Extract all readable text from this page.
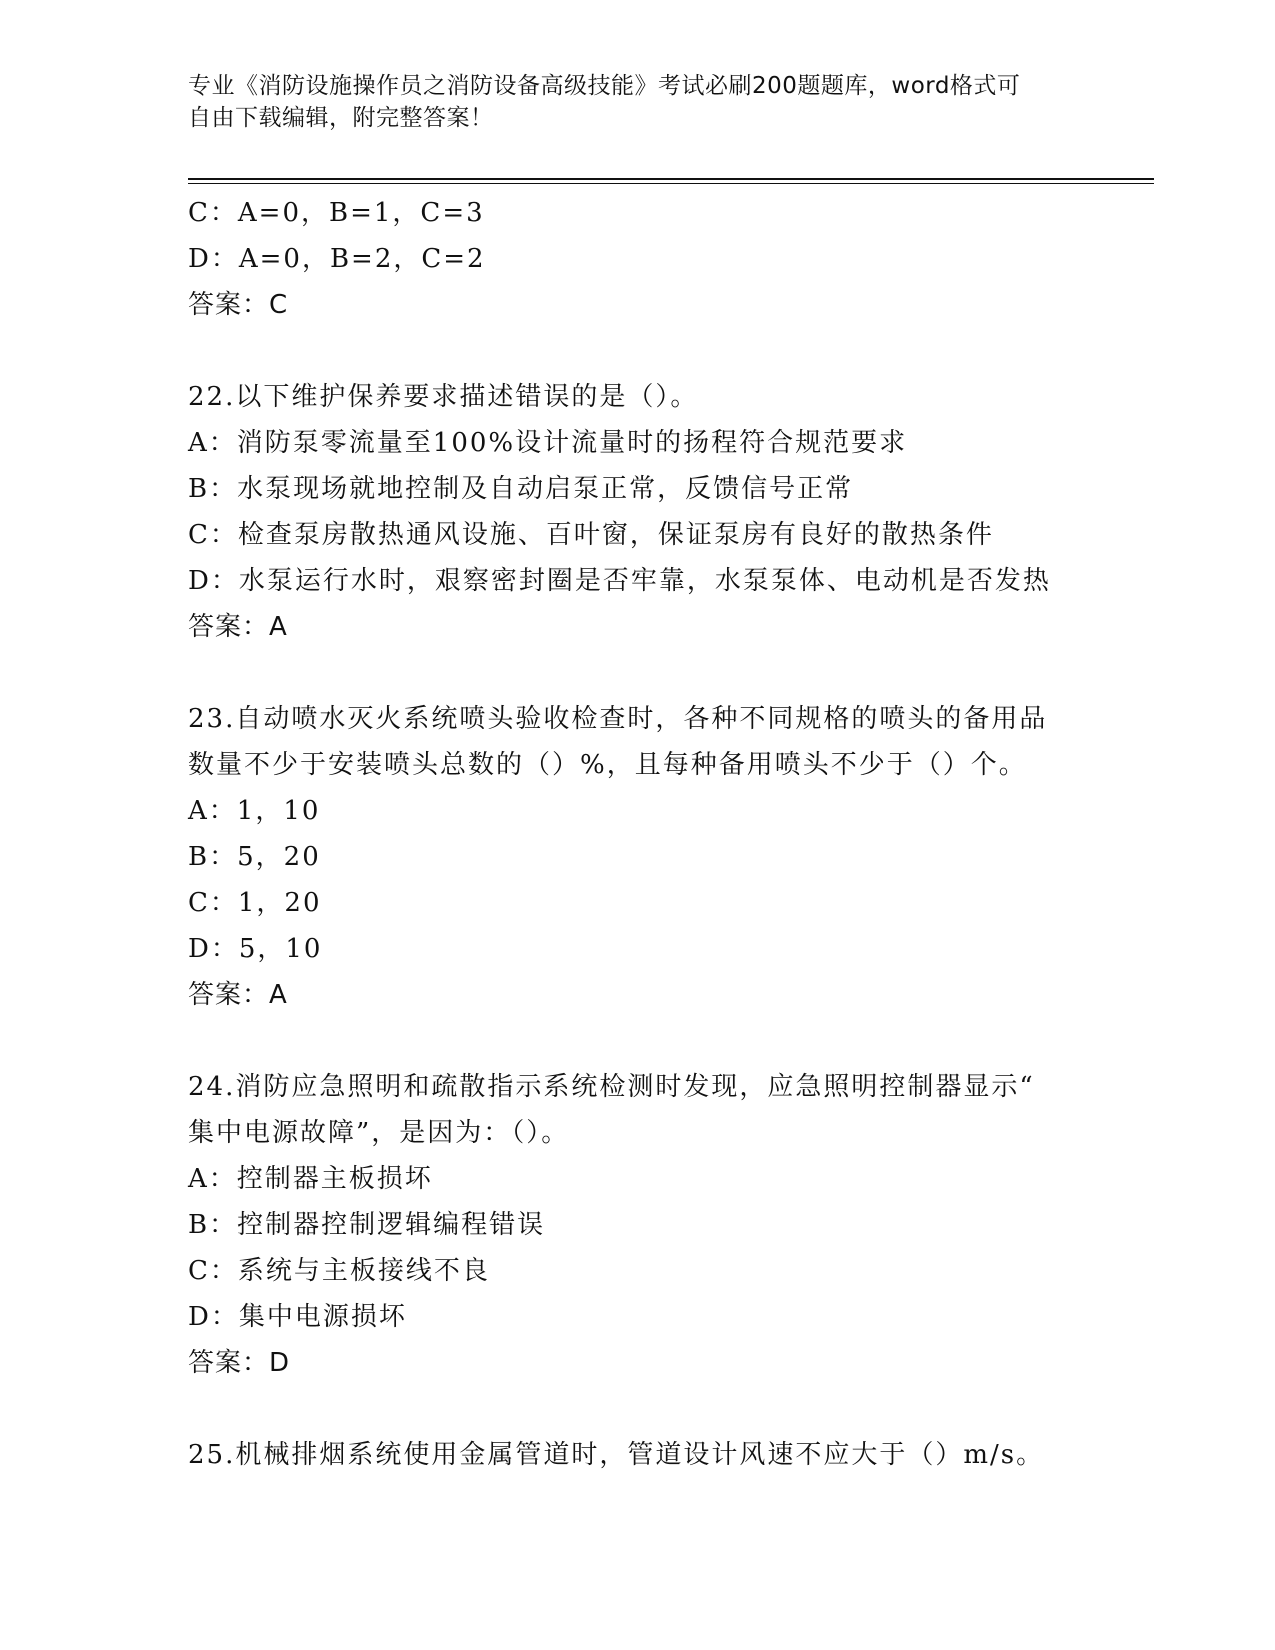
专业《消防设施操作员之消防设备高级技能》考试必刷200题题库，word格式可
自由下载编辑，附完整答案！
C：A=0，B=1，C=3
D：A=0，B=2，C=2
答案：C
22.以下维护保养要求描述错误的是（）。
A：消防泵零流量至100%设计流量时的扬程符合规范要求
B：水泵现场就地控制及自动启泵正常，反馈信号正常
C：检查泵房散热通风设施、百叶窗，保证泵房有良好的散热条件
D：水泵运行水时，艰察密封圈是否牢靠，水泵泵体、电动机是否发热
答案：A
23.自动喷水灭火系统喷头验收检查时，各种不同规格的喷头的备用品
数量不少于安装喷头总数的（）%，且每种备用喷头不少于（）个。
A：1，10
B：5，20
C：1，20
D：5，10
答案：A
24.消防应急照明和疏散指示系统检测时发现，应急照明控制器显示“
集中电源故障”，是因为：（）。
A：控制器主板损坏
B：控制器控制逻辑编程错误
C：系统与主板接线不良
D：集中电源损坏
答案：D
25.机械排烟系统使用金属管道时，管道设计风速不应大于（）m/s。
